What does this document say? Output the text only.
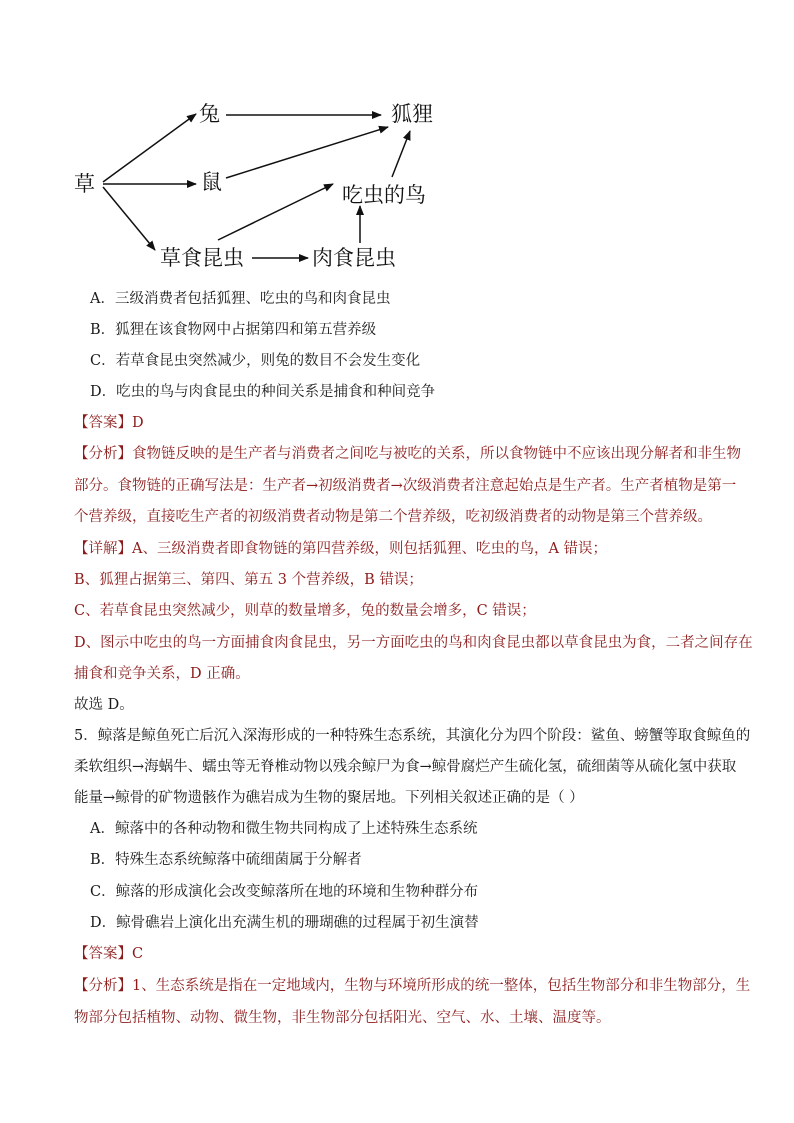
草
兔
鼠
狐狸
吃虫的鸟
草食昆虫	肉食昆虫
A．三级消费者包括狐狸、吃虫的鸟和肉食昆虫
B．狐狸在该食物网中占据第四和第五营养级
C．若草食昆虫突然减少，则兔的数目不会发生变化
D．吃虫的鸟与肉食昆虫的种间关系是捕食和种间竞争
【答案】D
【分析】食物链反映的是生产者与消费者之间吃与被吃的关系，所以食物链中不应该出现分解者和非生物
部分。食物链的正确写法是：生产者→初级消费者→次级消费者注意起始点是生产者。生产者植物是第一
个营养级，直接吃生产者的初级消费者动物是第二个营养级，吃初级消费者的动物是第三个营养级。
【详解】A、三级消费者即食物链的第四营养级，则包括狐狸、吃虫的鸟，A 错误；
B、狐狸占据第三、第四、第五 3 个营养级，B 错误；
C、若草食昆虫突然减少，则草的数量增多，兔的数量会增多，C 错误；
D、图示中吃虫的鸟一方面捕食肉食昆虫，另一方面吃虫的鸟和肉食昆虫都以草食昆虫为食，二者之间存在
捕食和竞争关系，D 正确。
故选 D。
5．鲸落是鲸鱼死亡后沉入深海形成的一种特殊生态系统，其演化分为四个阶段：鲨鱼、螃蟹等取食鲸鱼的
柔软组织→海蜗牛、蠕虫等无脊椎动物以残余鲸尸为食→鲸骨腐烂产生硫化氢，硫细菌等从硫化氢中获取
能量→鲸骨的矿物遗骸作为礁岩成为生物的聚居地。下列相关叙述正确的是（ ）
A．鲸落中的各种动物和微生物共同构成了上述特殊生态系统
B．特殊生态系统鲸落中硫细菌属于分解者
C．鲸落的形成演化会改变鲸落所在地的环境和生物种群分布
D．鲸骨礁岩上演化出充满生机的珊瑚礁的过程属于初生演替
【答案】C
【分析】1、生态系统是指在一定地域内，生物与环境所形成的统一整体，包括生物部分和非生物部分，生
物部分包括植物、动物、微生物，非生物部分包括阳光、空气、水、土壤、温度等。
